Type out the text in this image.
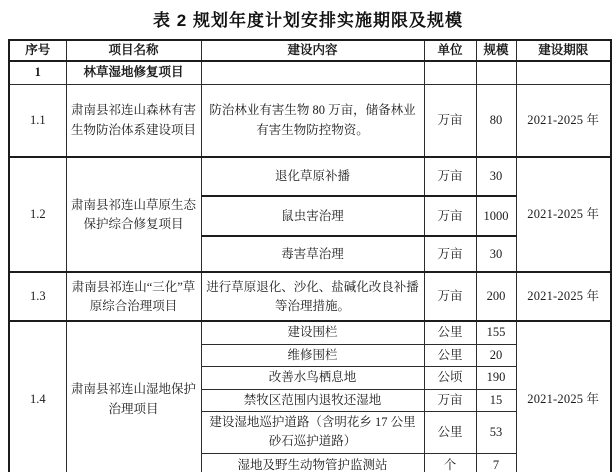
表 2 规划年度计划安排实施期限及规模
序号	项目名称	建设内容	单位	规模	建设期限
1	林草湿地修复项目				
1.1	肃南县祁连山森林有害生物防治体系建设项目	防治林业有害生物 80 万亩，储备林业有害生物防控物资。	万亩	80	2021-2025 年
1.2	肃南县祁连山草原生态保护综合修复项目	退化草原补播	万亩	30	2021-2025 年
		鼠虫害治理	万亩	1000	
		毒害草治理	万亩	30	
1.3	肃南县祁连山“三化”草原综合治理项目	进行草原退化、沙化、盐碱化改良补播等治理措施。	万亩	200	2021-2025 年
1.4	肃南县祁连山湿地保护治理项目	建设围栏	公里	155	2021-2025 年
		维修围栏	公里	20	
		改善水鸟栖息地	公顷	190	
		禁牧区范围内退牧还湿地	万亩	15	
		建设湿地巡护道路（含明花乡 17 公里砂石巡护道路）	公里	53	
		湿地及野生动物管护监测站	个	7	
